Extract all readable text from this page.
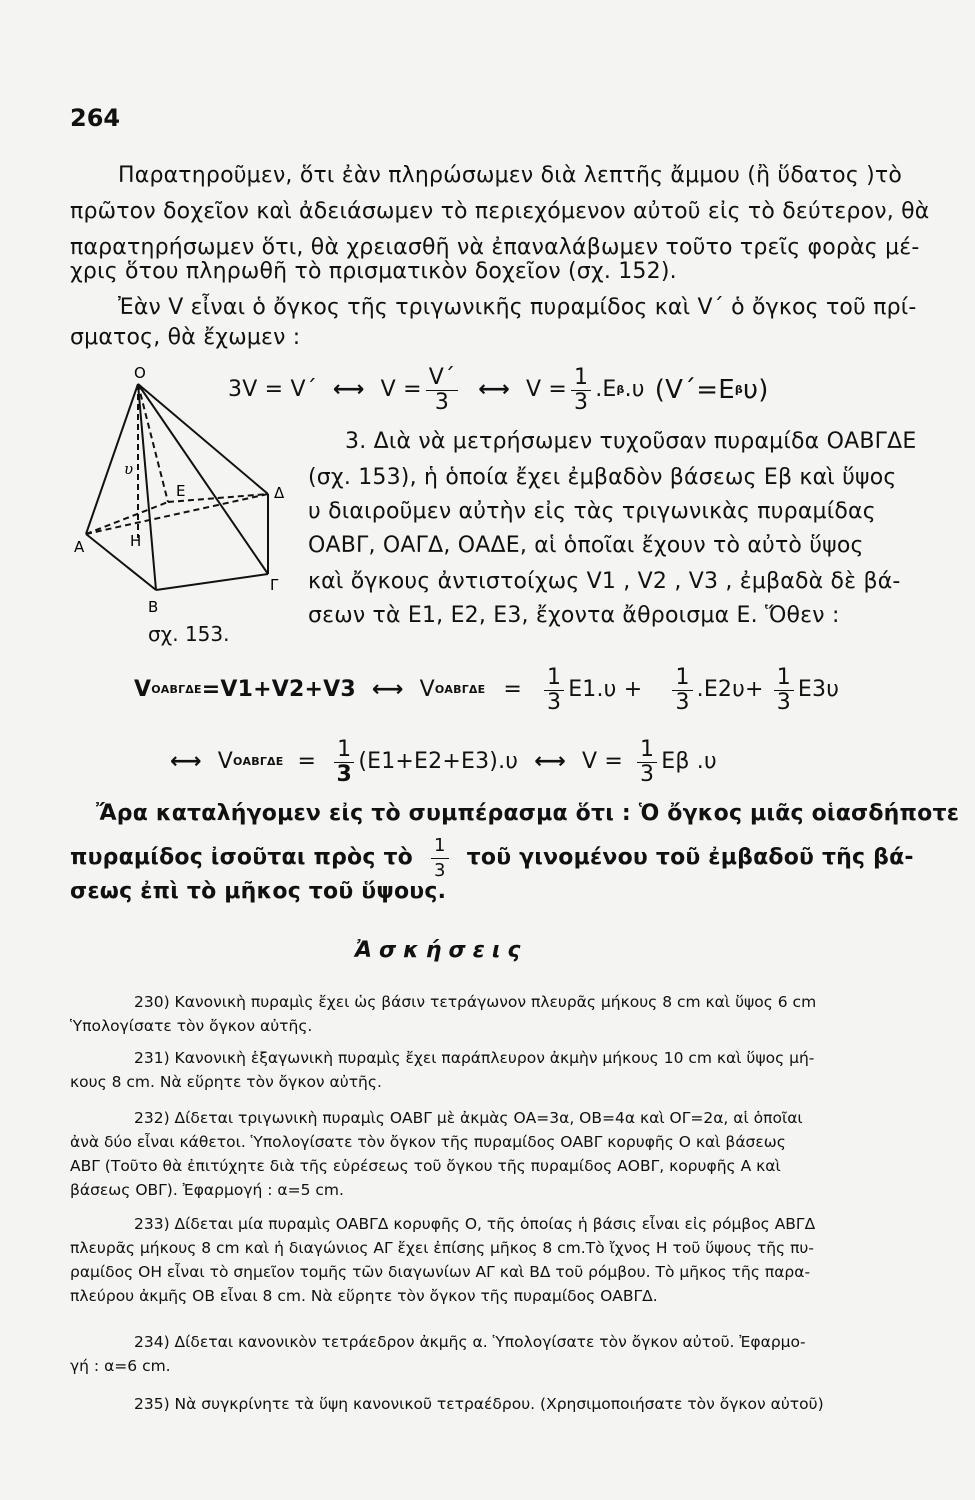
264
Παρατηροῦμεν, ὅτι ἐὰν πληρώσωμεν διὰ λεπτῆς ἄμμου (ἢ ὕδατος )τὸ
πρῶτον δοχεῖον καὶ ἀδειάσωμεν τὸ περιεχόμενον αὐτοῦ εἰς τὸ δεύτερον, θὰ
παρατηρήσωμεν ὅτι, θὰ χρειασθῆ νὰ ἐπαναλάβωμεν τοῦτο τρεῖς φορὰς μέ-
χρις ὅτου πληρωθῆ τὸ πρισματικὸν δοχεῖον (σχ. 152).
Ἐὰν V εἶναι ὁ ὄγκος τῆς τριγωνικῆς πυραμίδος καὶ V΄ ὁ ὄγκος τοῦ πρί-
σματος, θὰ ἔχωμεν :
3V = V΄ ⟷ $V = \frac{V΄}{3}$ ⟷ $V = \frac{1}{3} .E$ β .υ (V΄=E β υ)
O
A
B
Γ
Δ
E
H
υ
σχ. 153.
3. Διὰ νὰ μετρήσωμεν τυχοῦσαν πυραμίδα ΟΑΒΓΔΕ
(σχ. 153), ἡ ὁποία ἔχει ἐμβαδὸν βάσεως Eβ καὶ ὕψος
υ διαιροῦμεν αὐτὴν εἰς τὰς τριγωνικὰς πυραμίδας
ΟΑΒΓ, ΟΑΓΔ, ΟΑΔΕ, αἱ ὁποῖαι ἔχουν τὸ αὐτὸ ὕψος
καὶ ὄγκους ἀντιστοίχως V1 , V2 , V3 , ἐμβαδὰ δὲ βά-
σεων τὰ E1, E2, E3, ἔχοντα ἄθροισμα E. Ὅθεν :
V ΟΑΒΓΔΕ =V1+V2+V3 ⟷ V $OAB\Gamma\Delta E = \frac{1}{3} E1.\upsilon + \frac{1}{3} .E2\upsilon+ \frac{1}{3} E3\upsilon$
⟷ V $OAB\Gamma\Delta E = \frac{1}{3} (E1+E2+E3).\upsilon$ ⟷ $V = \frac{1}{3}$ Eβ .υ
Ἄρα καταλήγομεν εἰς τὸ συμπέρασμα ὅτι : Ὁ ὄγκος μιᾶς οἱασδήποτε
πυραμίδος ἰσοῦται πρὸς τὸ $\frac{1}{3}$ τοῦ γινομένου τοῦ ἐμβαδοῦ τῆς βά-
σεως ἐπὶ τὸ μῆκος τοῦ ὕψους.
Ἀσκήσεις
230) Κανονικὴ πυραμὶς ἔχει ὡς βάσιν τετράγωνον πλευρᾶς μήκους 8 cm καὶ ὕψος 6 cm
Ὑπολογίσατε τὸν ὄγκον αὐτῆς.
231) Κανονικὴ ἑξαγωνικὴ πυραμὶς ἔχει παράπλευρον ἀκμὴν μήκους 10 cm καὶ ὕψος μή-
κους 8 cm. Νὰ εὕρητε τὸν ὄγκον αὐτῆς.
232) Δίδεται τριγωνικὴ πυραμὶς ΟΑΒΓ μὲ ἀκμὰς ΟΑ=3α, ΟΒ=4α καὶ ΟΓ=2α, αἱ ὁποῖαι
ἀνὰ δύο εἶναι κάθετοι. Ὑπολογίσατε τὸν ὄγκον τῆς πυραμίδος ΟΑΒΓ κορυφῆς Ο καὶ βάσεως
ΑΒΓ (Τοῦτο θὰ ἐπιτύχητε διὰ τῆς εὑρέσεως τοῦ ὄγκου τῆς πυραμίδος ΑΟΒΓ, κορυφῆς Α καὶ
βάσεως ΟΒΓ). Ἐφαρμογή : α=5 cm.
233) Δίδεται μία πυραμὶς ΟΑΒΓΔ κορυφῆς Ο, τῆς ὁποίας ἡ βάσις εἶναι εἰς ρόμβος ΑΒΓΔ
πλευρᾶς μήκους 8 cm καὶ ἡ διαγώνιος ΑΓ ἔχει ἐπίσης μῆκος 8 cm.Τὸ ἴχνος Η τοῦ ὕψους τῆς πυ-
ραμίδος ΟΗ εἶναι τὸ σημεῖον τομῆς τῶν διαγωνίων ΑΓ καὶ ΒΔ τοῦ ρόμβου. Τὸ μῆκος τῆς παρα-
πλεύρου ἀκμῆς ΟΒ εἶναι 8 cm. Νὰ εὕρητε τὸν ὄγκον τῆς πυραμίδος ΟΑΒΓΔ.
234) Δίδεται κανονικὸν τετράεδρον ἀκμῆς α. Ὑπολογίσατε τὸν ὄγκον αὐτοῦ. Ἐφαρμο-
γή : α=6 cm.
235) Νὰ συγκρίνητε τὰ ὕψη κανονικοῦ τετραέδρου. (Χρησιμοποιήσατε τὸν ὄγκον αὐτοῦ)
